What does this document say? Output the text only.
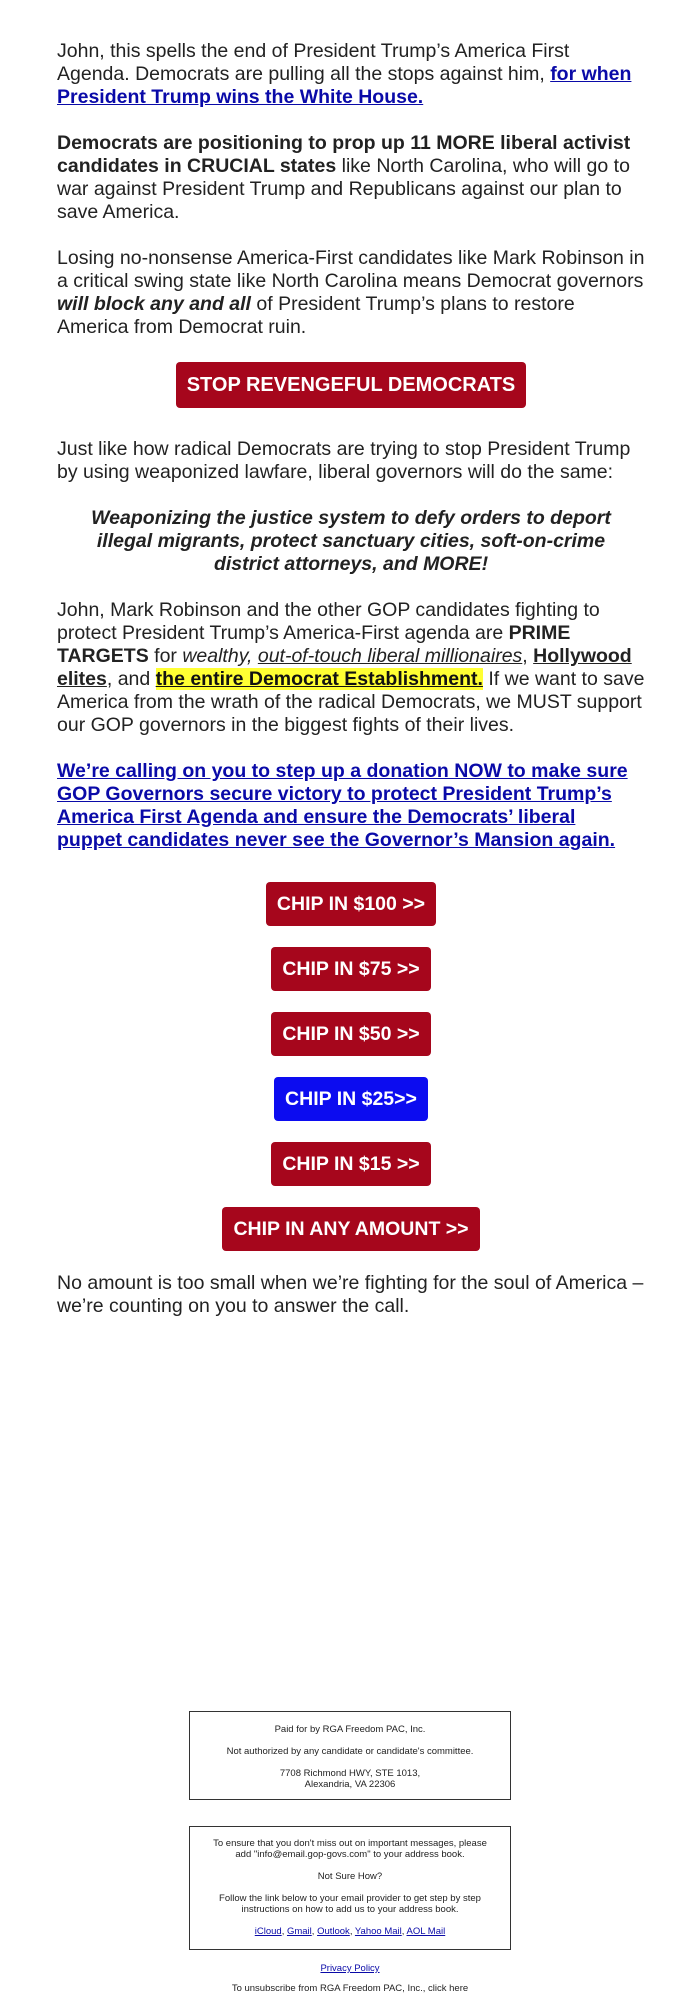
John, this spells the end of President Trump’s America First Agenda. Democrats are pulling all the stops against him, for when President Trump wins the White House.

Democrats are positioning to prop up 11 MORE liberal activist candidates in CRUCIAL states like North Carolina, who will go to war against President Trump and Republicans against our plan to save America.

Losing no-nonsense America-First candidates like Mark Robinson in a critical swing state like North Carolina means Democrat governors will block any and all of President Trump’s plans to restore America from Democrat ruin.

STOP REVENGEFUL DEMOCRATS

Just like how radical Democrats are trying to stop President Trump by using weaponized lawfare, liberal governors will do the same:

Weaponizing the justice system to defy orders to deport illegal migrants, protect sanctuary cities, soft-on-crime district attorneys, and MORE!

John, Mark Robinson and the other GOP candidates fighting to protect President Trump’s America-First agenda are PRIME TARGETS for wealthy, out-of-touch liberal millionaires, Hollywood elites, and the entire Democrat Establishment. If we want to save America from the wrath of the radical Democrats, we MUST support our GOP governors in the biggest fights of their lives.

We’re calling on you to step up a donation NOW to make sure GOP Governors secure victory to protect President Trump’s America First Agenda and ensure the Democrats’ liberal puppet candidates never see the Governor’s Mansion again.
CHIP IN $100 >>
CHIP IN $75 >>
CHIP IN $50 >>
CHIP IN $25>>
CHIP IN $15 >>
CHIP IN ANY AMOUNT >>

No amount is too small when we’re fighting for the soul of America – we’re counting on you to answer the call.

Paid for by RGA Freedom PAC, Inc.

Not authorized by any candidate or candidate's committee.

7708 Richmond HWY, STE 1013,
Alexandria, VA 22306

To ensure that you don't miss out on important messages, please add "info@email.gop-govs.com" to your address book.

Not Sure How?

Follow the link below to your email provider to get step by step instructions on how to add us to your address book.

iCloud, Gmail, Outlook, Yahoo Mail, AOL Mail

Privacy Policy
To unsubscribe from RGA Freedom PAC, Inc., click here
